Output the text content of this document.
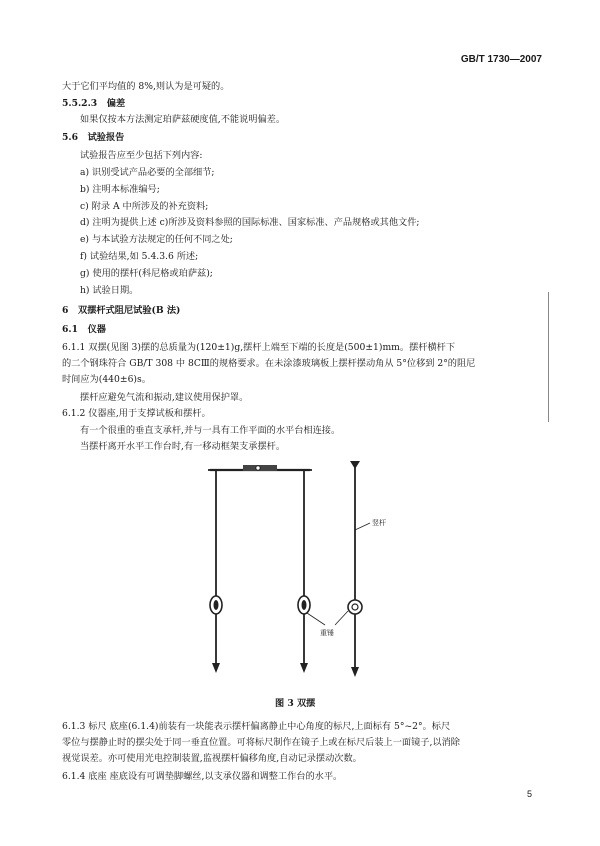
GB/T 1730—2007
大于它们平均值的 8%,则认为是可疑的。
5.5.2.3 偏差
如果仅按本方法测定珀萨兹硬度值,不能说明偏差。
5.6 试验报告
试验报告应至少包括下列内容:
a) 识别受试产品必要的全部细节;
b) 注明本标准编号;
c) 附录 A 中所涉及的补充资料;
d) 注明为提供上述 c)所涉及资料参照的国际标准、国家标准、产品规格或其他文件;
e) 与本试验方法规定的任何不同之处;
f) 试验结果,如 5.4.3.6 所述;
g) 使用的摆杆(科尼格或珀萨兹);
h) 试验日期。
6 双摆杆式阻尼试验(B 法)
6.1 仪器
6.1.1 双摆(见图 3)摆的总质量为(120±1)g,摆杆上端至下端的长度是(500±1)mm。摆杆横杆下
的二个钢珠符合 GB/T 308 中 8CⅢ的规格要求。在未涂漆玻璃板上摆杆摆动角从 5°位移到 2°的阻尼
时间应为(440±6)s。
摆杆应避免气流和振动,建议使用保护罩。
6.1.2 仪器座,用于支撑试板和摆杆。
有一个很重的垂直支承杆,并与一具有工作平面的水平台相连接。
当摆杆离开水平工作台时,有一移动框架支承摆杆。
竖杆
重锤
图 3 双摆
6.1.3 标尺 底座(6.1.4)前装有一块能表示摆杆偏离静止中心角度的标尺,上面标有 5°~2°。标尺
零位与摆静止时的摆尖处于同一垂直位置。可将标尺制作在镜子上或在标尺后装上一面镜子,以消除
视觉误差。亦可使用光电控制装置,监视摆杆偏移角度,自动记录摆动次数。
6.1.4 底座 座底设有可调垫脚螺丝,以支承仪器和调整工作台的水平。
5
